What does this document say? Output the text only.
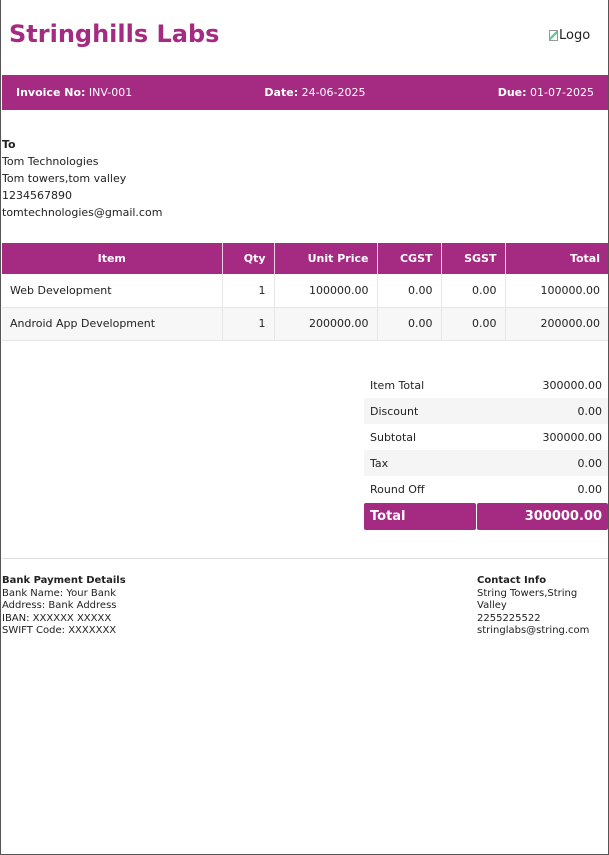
Stringhills Labs	Logo
Invoice No: INV-001	Date: 24-06-2025	Due: 01-07-2025
To
Tom Technologies
Tom towers,tom valley
1234567890
tomtechnologies@gmail.com
Item	Qty	Unit Price	CGST	SGST	Total
Web Development	1	100000.00	0.00	0.00	100000.00
Android App Development	1	200000.00	0.00	0.00	200000.00
Item Total	300000.00
Discount	0.00
Subtotal	300000.00
Tax	0.00
Round Off	0.00
Total	300000.00
Bank Payment Details
Bank Name: Your Bank
Address: Bank Address
IBAN: XXXXXX XXXXX
SWIFT Code: XXXXXXX
Contact Info
String Towers,String Valley
2255225522
stringlabs@string.com
